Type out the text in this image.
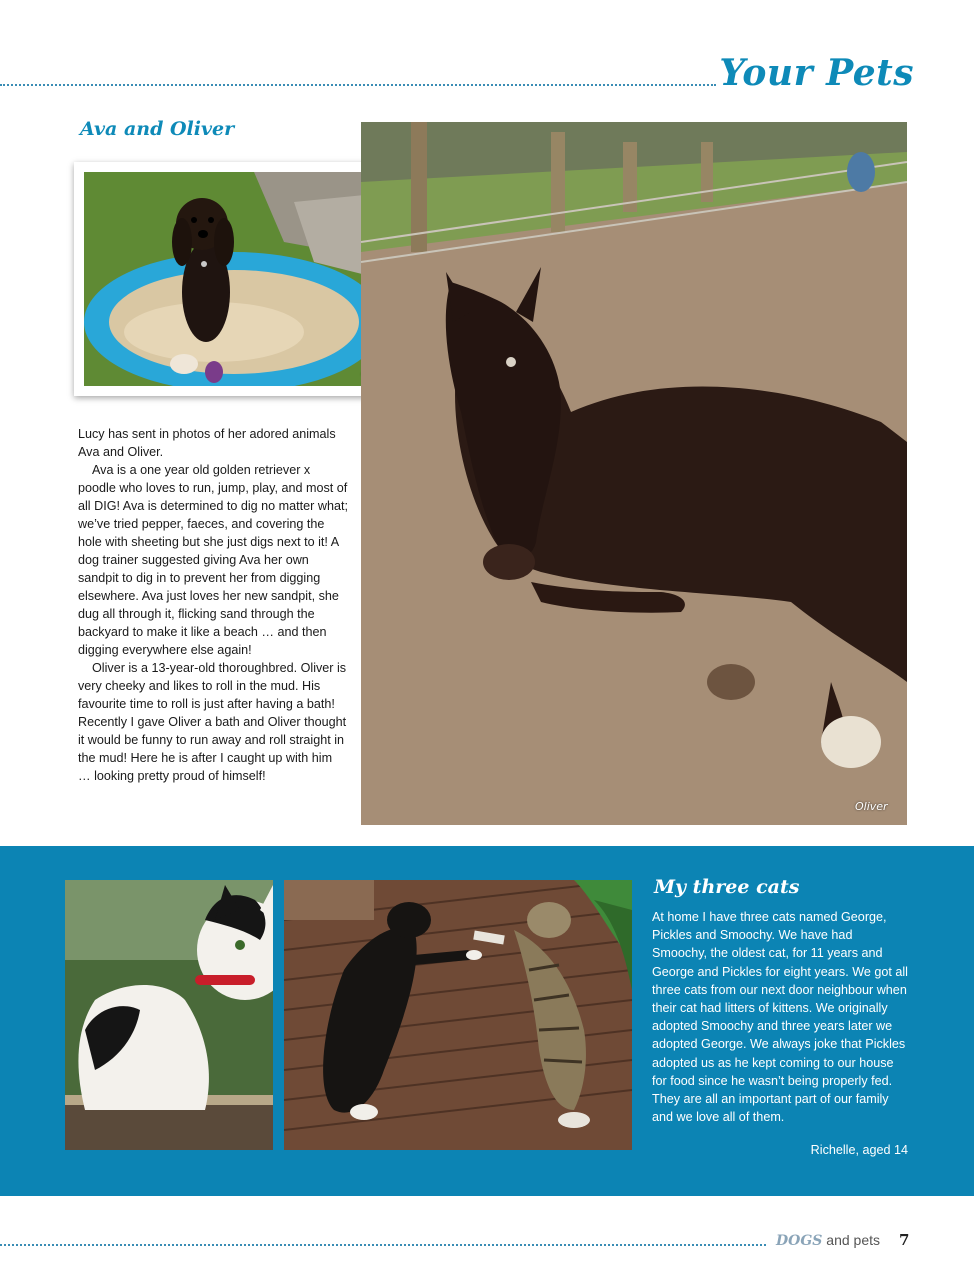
Your Pets
Ava and Oliver

Lucy has sent in photos of her adored animals Ava and Oliver.

Ava is a one year old golden retriever x poodle who loves to run, jump, play, and most of all DIG! Ava is determined to dig no matter what; we’ve tried pepper, faeces, and covering the hole with sheeting but she just digs next to it! A dog trainer suggested giving Ava her own sandpit to dig in to prevent her from digging elsewhere. Ava just loves her new sandpit, she dug all through it, flicking sand through the backyard to make it like a beach … and then digging everywhere else again!

Oliver is a 13-year-old thoroughbred. Oliver is very cheeky and likes to roll in the mud. His favourite time to roll is just after having a bath! Recently I gave Oliver a bath and Oliver thought it would be funny to run away and roll straight in the mud! Here he is after I caught up with him … looking pretty proud of himself!

Oliver
My three cats
At home I have three cats named George, Pickles and Smoochy. We have had Smoochy, the oldest cat, for 11 years and George and Pickles for eight years. We got all three cats from our next door neighbour when their cat had litters of kittens. We originally adopted Smoochy and three years later we adopted George. We always joke that Pickles adopted us as he kept coming to our house for food since he wasn’t being properly fed. They are all an important part of our family and we love all of them.
Richelle, aged 14
DOGS and pets 7
